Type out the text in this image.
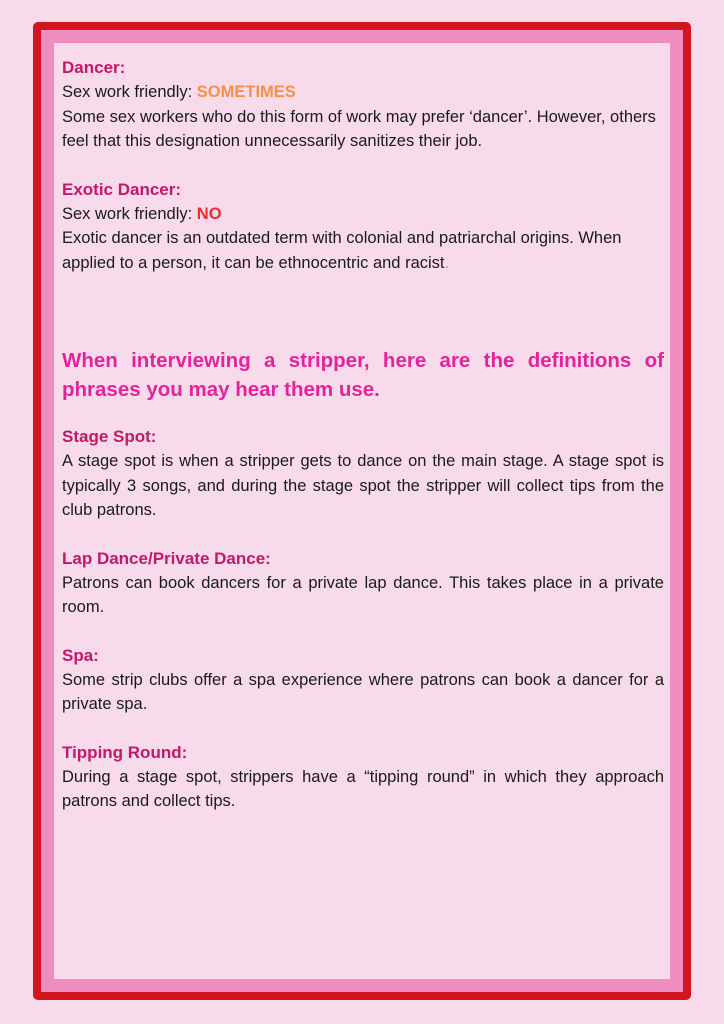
Dancer:

Sex work friendly: SOMETIMES

Some sex workers who do this form of work may prefer ‘dancer’. However, others feel that this designation unnecessarily sanitizes their job.

Exotic Dancer:

Sex work friendly: NO

Exotic dancer is an outdated term with colonial and patriarchal origins. When applied to a person, it can be ethnocentric and racist.

When interviewing a stripper, here are the definitions of phrases you may hear them use.

Stage Spot:

A stage spot is when a stripper gets to dance on the main stage. A stage spot is typically 3 songs, and during the stage spot the stripper will collect tips from the club patrons.

Lap Dance/Private Dance:

Patrons can book dancers for a private lap dance. This takes place in a private room.

Spa:

Some strip clubs offer a spa experience where patrons can book a dancer for a private spa.

Tipping Round:

During a stage spot, strippers have a “tipping round” in which they approach patrons and collect tips.
